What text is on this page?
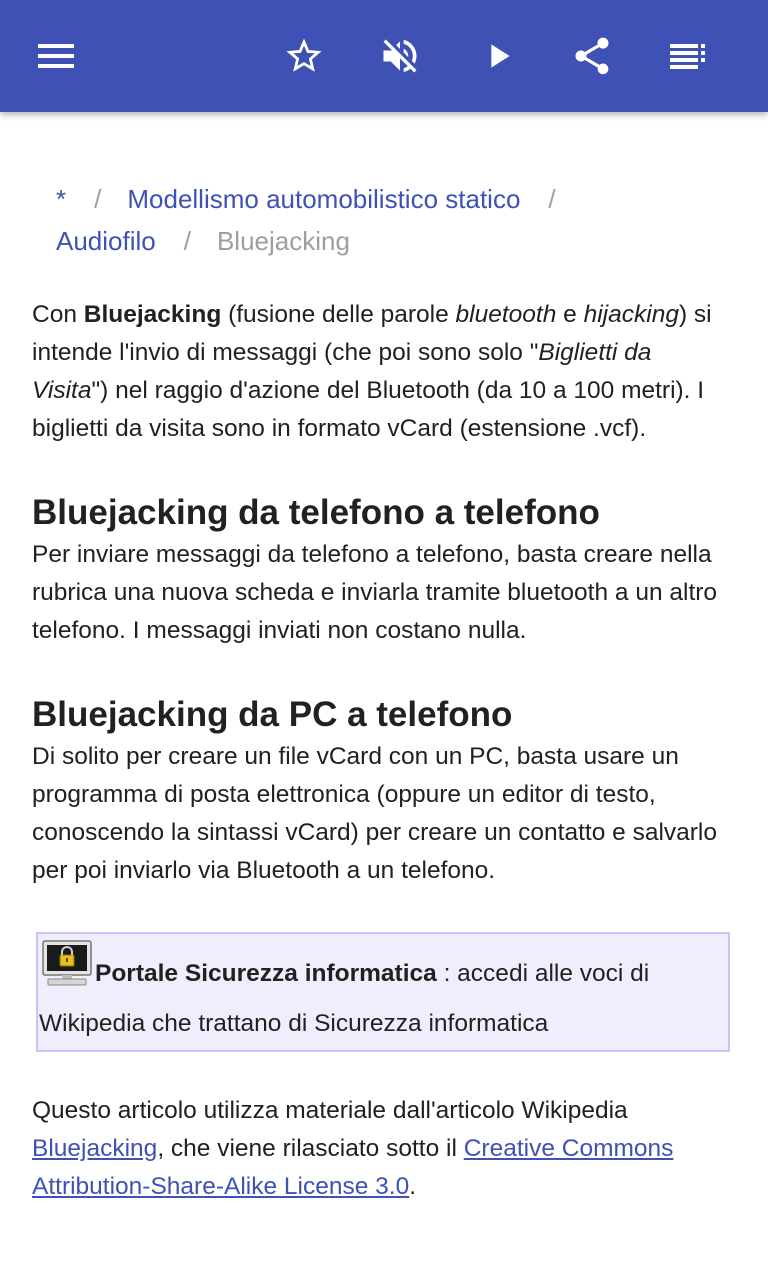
* / Modellismo automobilistico statico /
Audiofilo / Bluejacking

Con Bluejacking (fusione delle parole bluetooth e hijacking) si intende l'invio di messaggi (che poi sono solo "Biglietti da Visita") nel raggio d'azione del Bluetooth (da 10 a 100 metri). I biglietti da visita sono in formato vCard (estensione .vcf).

Bluejacking da telefono a telefono

Per inviare messaggi da telefono a telefono, basta creare nella rubrica una nuova scheda e inviarla tramite bluetooth a un altro telefono. I messaggi inviati non costano nulla.

Bluejacking da PC a telefono

Di solito per creare un file vCard con un PC, basta usare un programma di posta elettronica (oppure un editor di testo, conoscendo la sintassi vCard) per creare un contatto e salvarlo per poi inviarlo via Bluetooth a un telefono.

Portale Sicurezza informatica : accedi alle voci di
Wikipedia che trattano di Sicurezza informatica

Questo articolo utilizza materiale dall'articolo Wikipedia Bluejacking, che viene rilasciato sotto il Creative Commons Attribution-Share-Alike License 3.0.
